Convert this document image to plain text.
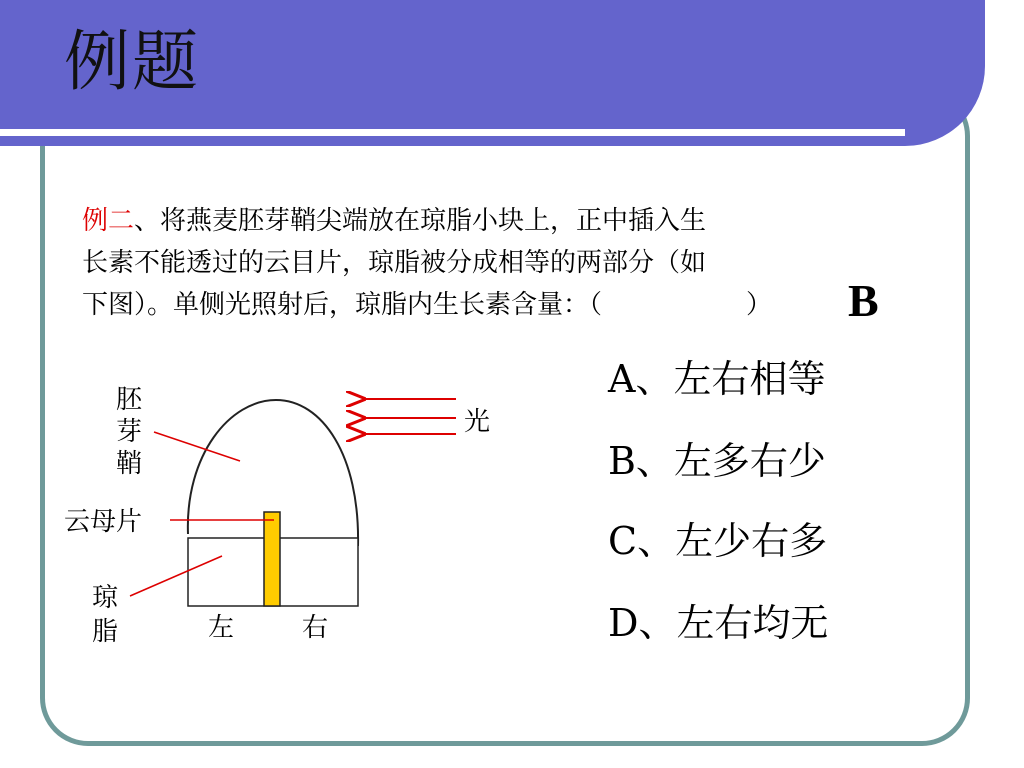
例题
例二、将燕麦胚芽鞘尖端放在琼脂小块上，正中插入生
长素不能透过的云目片，琼脂被分成相等的两部分（如
下图）。单侧光照射后，琼脂内生长素含量：（	）	B
A、左右相等
B、左多右少
C、左少右多
D、左右均无
胚
芽
鞘
云母片
琼
脂	左	右
光
